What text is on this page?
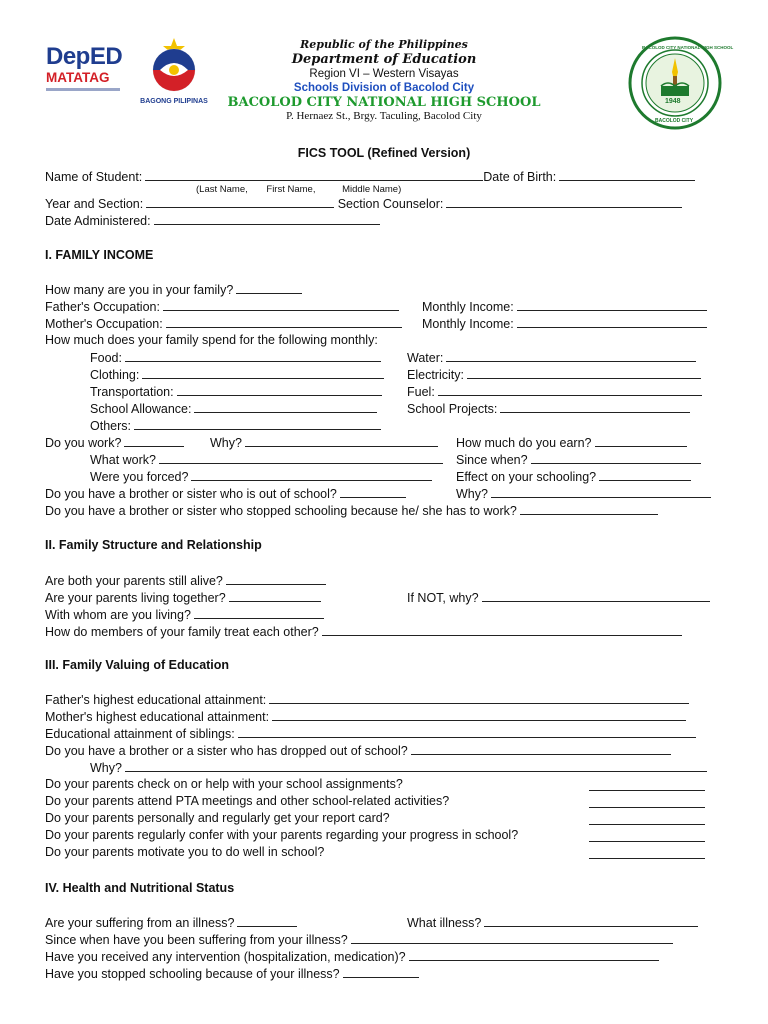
DepED
MATATAG
BAGONG PILIPINAS	1948
BACOLOD CITY NATIONAL HIGH SCHOOL
BACOLOD CITY
Republic of the Philippines
Department of Education
Region VI – Western Visayas
Schools Division of Bacolod City
BACOLOD CITY NATIONAL HIGH SCHOOL
P. Hernaez St., Brgy. Taculing, Bacolod City
FICS TOOL (Refined Version)
Name of Student:	Date of Birth:
(Last Name, First Name,	Middle Name)
Year and Section:	Section Counselor:
Date Administered:
I. FAMILY INCOME
How many are you in your family?
Father's Occupation:	Monthly Income:
Mother's Occupation:	Monthly Income:
How much does your family spend for the following monthly:
Food:	Water:
Clothing:	Electricity:
Transportation:	Fuel:
School Allowance:	School Projects:
Others:
Do you work?	Why?	How much do you earn?
What work?	Since when?
Were you forced?	Effect on your schooling?
Do you have a brother or sister who is out of school?	Why?
Do you have a brother or sister who stopped schooling because he/ she has to work?
II. Family Structure and Relationship
Are both your parents still alive?
Are your parents living together?	If NOT, why?
With whom are you living?
How do members of your family treat each other?
III. Family Valuing of Education
Father's highest educational attainment:
Mother's highest educational attainment:
Educational attainment of siblings:
Do you have a brother or a sister who has dropped out of school?
Why?
Do your parents check on or help with your school assignments?
Do your parents attend PTA meetings and other school-related activities?
Do your parents personally and regularly get your report card?
Do your parents regularly confer with your parents regarding your progress in school?
Do your parents motivate you to do well in school?
IV. Health and Nutritional Status
Are your suffering from an illness?	What illness?
Since when have you been suffering from your illness?
Have you received any intervention (hospitalization, medication)?
Have you stopped schooling because of your illness?
